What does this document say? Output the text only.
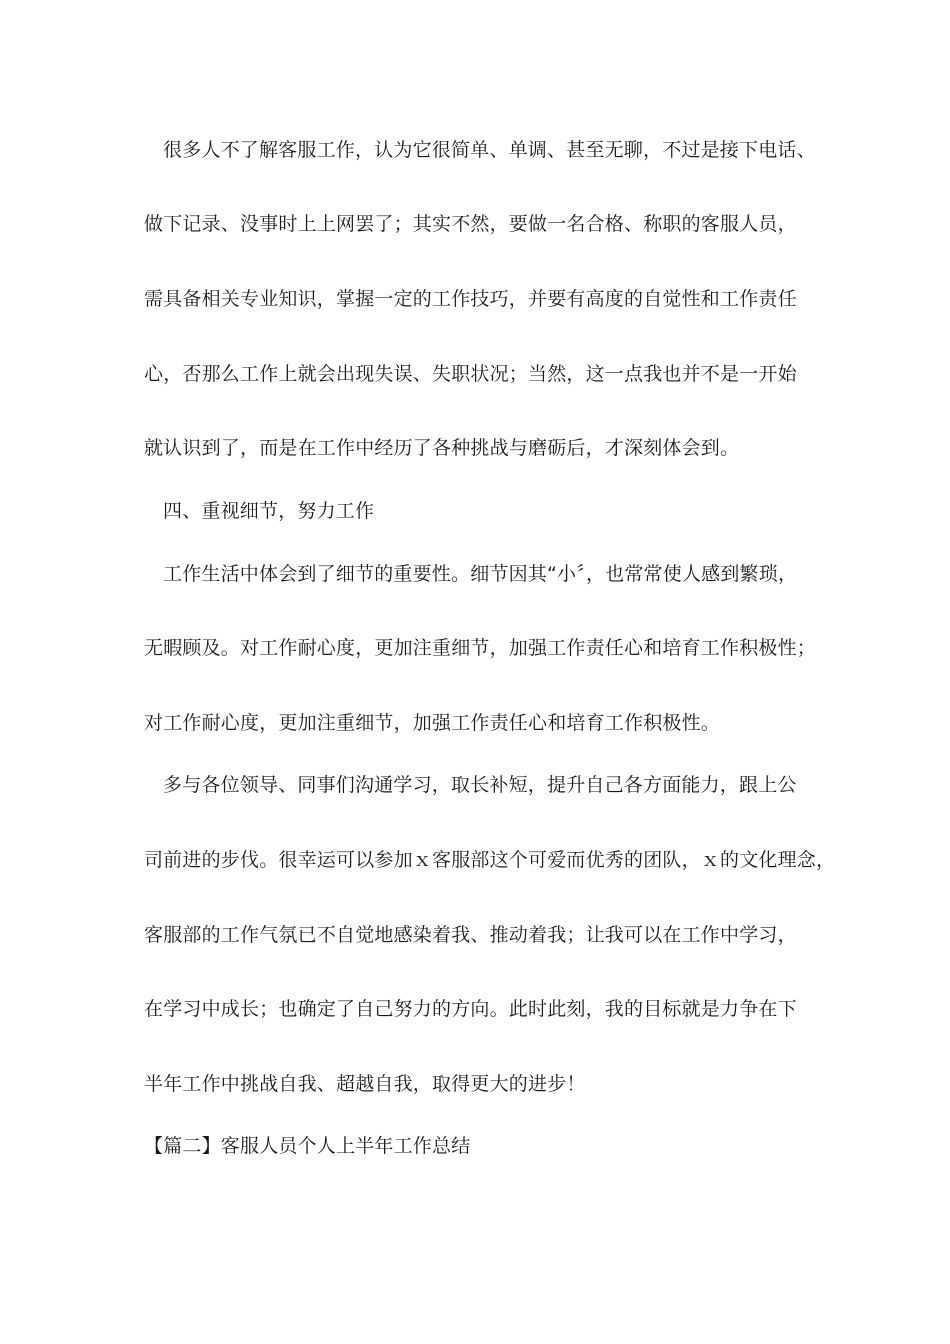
很多人不了解客服工作，认为它很简单、单调、甚至无聊，不过是接下电话、
做下记录、没事时上上网罢了；其实不然，要做一名合格、称职的客服人员，
需具备相关专业知识，掌握一定的工作技巧，并要有高度的自觉性和工作责任
心，否那么工作上就会出现失误、失职状况；当然，这一点我也并不是一开始
就认识到了，而是在工作中经历了各种挑战与磨砺后，才深刻体会到。
四、重视细节，努力工作
工作生活中体会到了细节的重要性。细节因其“小〞，也常常使人感到繁琐，
无暇顾及。对工作耐心度，更加注重细节，加强工作责任心和培育工作积极性；
对工作耐心度，更加注重细节，加强工作责任心和培育工作积极性。
多与各位领导、同事们沟通学习，取长补短，提升自己各方面能力，跟上公
司前进的步伐。很幸运可以参加ｘ客服部这个可爱而优秀的团队，ｘ的文化理念，
客服部的工作气氛已不自觉地感染着我、推动着我；让我可以在工作中学习，
在学习中成长；也确定了自己努力的方向。此时此刻，我的目标就是力争在下
半年工作中挑战自我、超越自我，取得更大的进步！
【篇二】客服人员个人上半年工作总结
